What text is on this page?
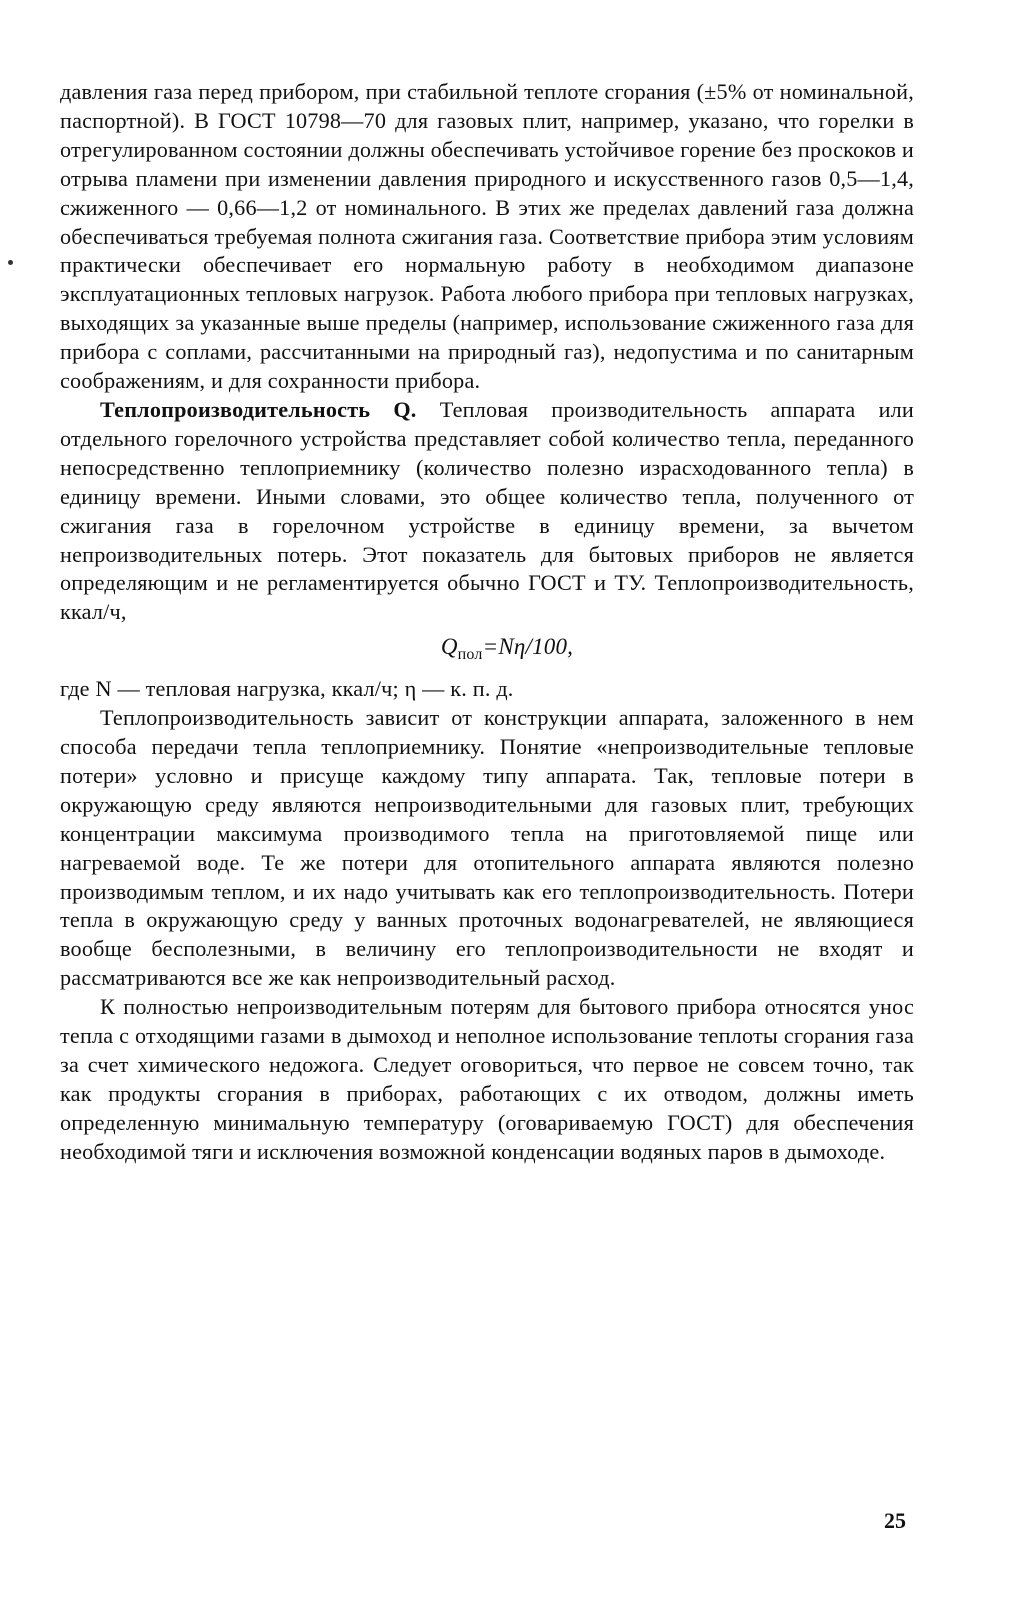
давления газа перед прибором, при стабильной теплоте сгорания (±5% от номинальной, паспортной). В ГОСТ 10798—70 для газовых плит, например, указано, что горелки в отрегулированном состоянии должны обеспечивать устойчивое горение без проскоков и отрыва пламени при изменении давления природного и искусственного газов 0,5—1,4, сжиженного — 0,66—1,2 от номинального. В этих же пределах давлений газа должна обеспечиваться требуемая полнота сжигания газа. Соответствие прибора этим условиям практически обеспечивает его нормальную работу в необходимом диапазоне эксплуатационных тепловых нагрузок. Работа любого прибора при тепловых нагрузках, выходящих за указанные выше пределы (например, использование сжиженного газа для прибора с соплами, рассчитанными на природный газ), недопустима и по санитарным соображениям, и для сохранности прибора.

Теплопроизводительность Q. Тепловая производительность аппарата или отдельного горелочного устройства представляет собой количество тепла, переданного непосредственно теплоприемнику (количество полезно израсходованного тепла) в единицу времени. Иными словами, это общее количество тепла, полученного от сжигания газа в горелочном устройстве в единицу времени, за вычетом непроизводительных потерь. Этот показатель для бытовых приборов не является определяющим и не регламентируется обычно ГОСТ и ТУ. Теплопроизводительность, ккал/ч,

$Q_{пол}=N\eta/100$,

где N — тепловая нагрузка, ккал/ч; η — к. п. д.

Теплопроизводительность зависит от конструкции аппарата, заложенного в нем способа передачи тепла теплоприемнику. Понятие «непроизводительные тепловые потери» условно и присуще каждому типу аппарата. Так, тепловые потери в окружающую среду являются непроизводительными для газовых плит, требующих концентрации максимума производимого тепла на приготовляемой пище или нагреваемой воде. Те же потери для отопительного аппарата являются полезно производимым теплом, и их надо учитывать как его теплопроизводительность. Потери тепла в окружающую среду у ванных проточных водонагревателей, не являющиеся вообще бесполезными, в величину его теплопроизводительности не входят и рассматриваются все же как непроизводительный расход.

К полностью непроизводительным потерям для бытового прибора относятся унос тепла с отходящими газами в дымоход и неполное использование теплоты сгорания газа за счет химического недожога. Следует оговориться, что первое не совсем точно, так как продукты сгорания в приборах, работающих с их отводом, должны иметь определенную минимальную температуру (оговариваемую ГОСТ) для обеспечения необходимой тяги и исключения возможной конденсации водяных паров в дымоходе.

25
